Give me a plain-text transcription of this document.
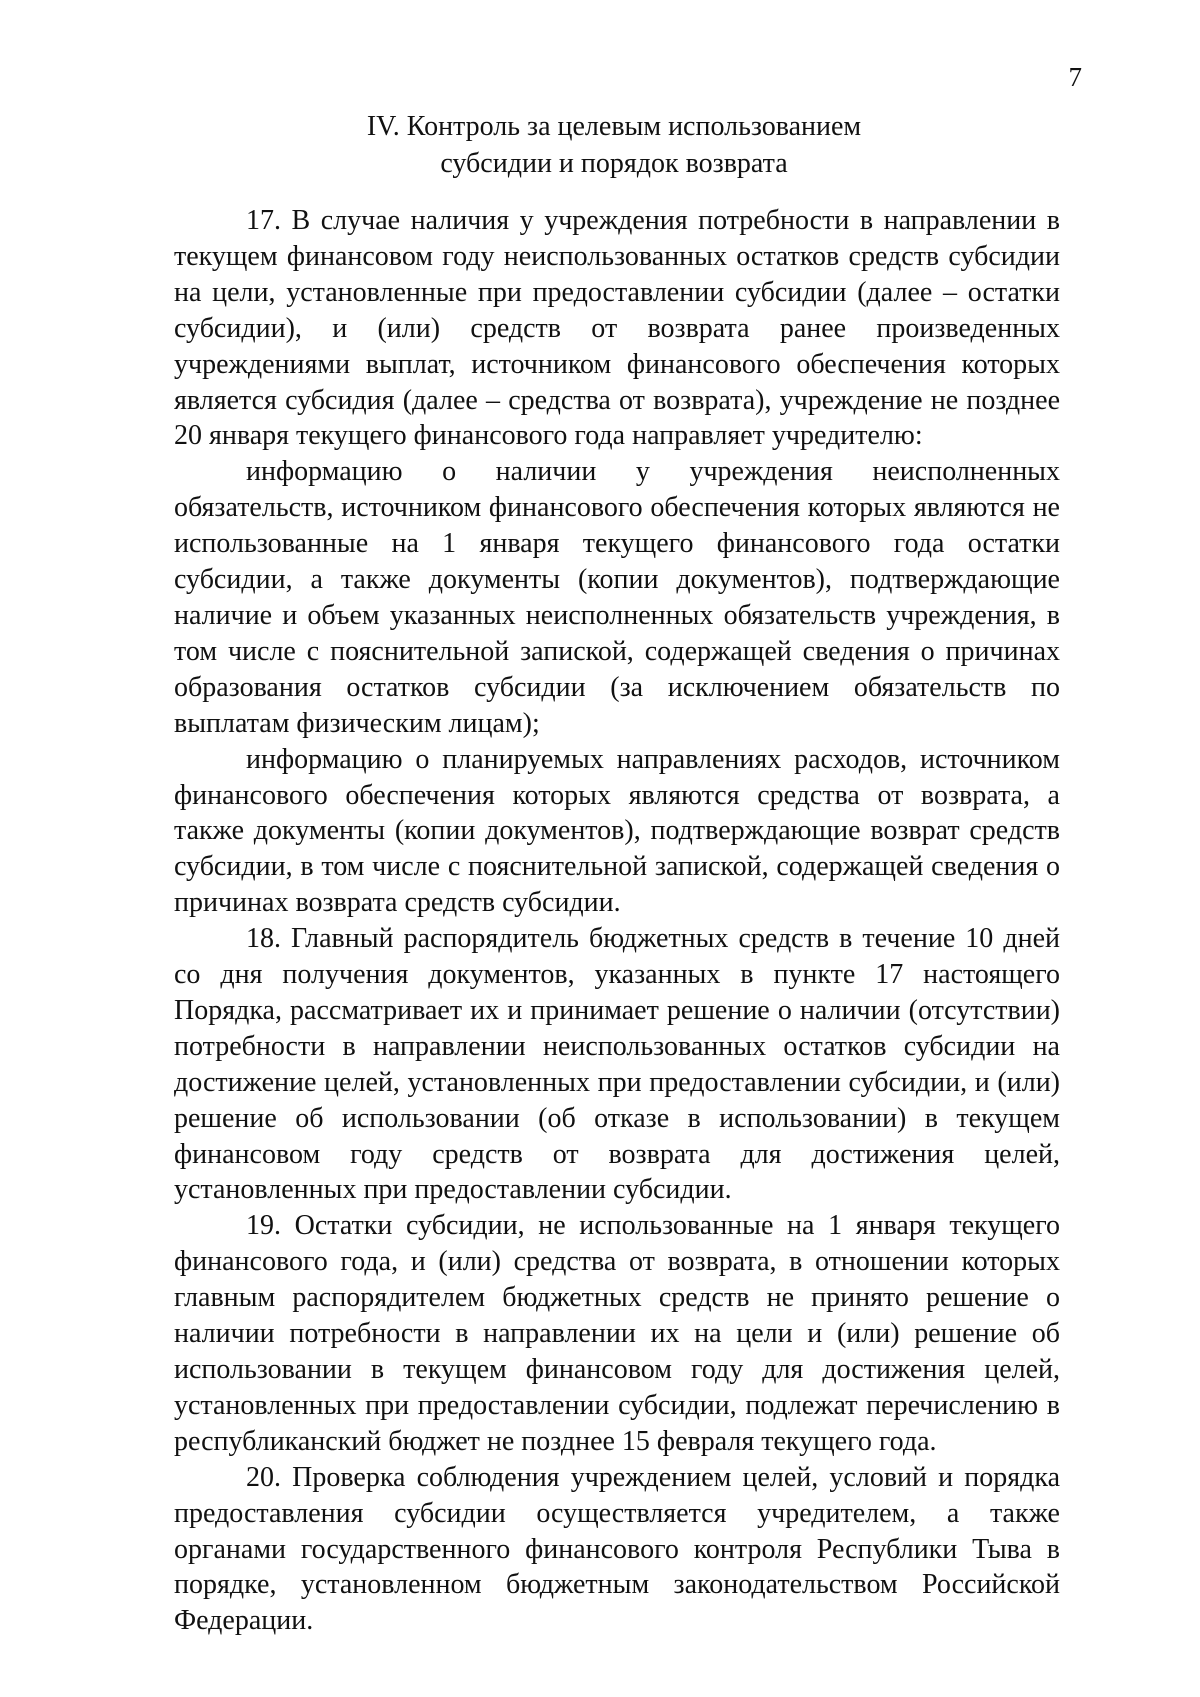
7
IV. Контроль за целевым использованием
субсидии и порядок возврата

17. В случае наличия у учреждения потребности в направлении в текущем финансовом году неиспользованных остатков средств субсидии на цели, установленные при предоставлении субсидии (далее – остатки субсидии), и (или) средств от возврата ранее произведенных учреждениями выплат, источником финансового обеспечения которых является субсидия (далее – средства от возврата), учреждение не позднее 20 января текущего финансового года направляет учредителю:

информацию о наличии у учреждения неисполненных обязательств, источником финансового обеспечения которых являются не использованные на 1 января текущего финансового года остатки субсидии, а также документы (копии документов), подтверждающие наличие и объем указанных неисполненных обязательств учреждения, в том числе с пояснительной запиской, содержащей сведения о причинах образования остатков субсидии (за исключением обязательств по выплатам физическим лицам);

информацию о планируемых направлениях расходов, источником финансового обеспечения которых являются средства от возврата, а также документы (копии документов), подтверждающие возврат средств субсидии, в том числе с пояснительной запиской, содержащей сведения о причинах возврата средств субсидии.

18. Главный распорядитель бюджетных средств в течение 10 дней со дня получения документов, указанных в пункте 17 настоящего Порядка, рассматривает их и принимает решение о наличии (отсутствии) потребности в направлении неиспользованных остатков субсидии на достижение целей, установленных при предоставлении субсидии, и (или) решение об использовании (об отказе в использовании) в текущем финансовом году средств от возврата для достижения целей, установленных при предоставлении субсидии.

19. Остатки субсидии, не использованные на 1 января текущего финансового года, и (или) средства от возврата, в отношении которых главным распорядителем бюджетных средств не принято решение о наличии потребности в направлении их на цели и (или) решение об использовании в текущем финансовом году для достижения целей, установленных при предоставлении субсидии, подлежат перечислению в республиканский бюджет не позднее 15 февраля текущего года.

20. Проверка соблюдения учреждением целей, условий и порядка предоставления субсидии осуществляется учредителем, а также органами государственного финансового контроля Республики Тыва в порядке, установленном бюджетным законодательством Российской Федерации.
